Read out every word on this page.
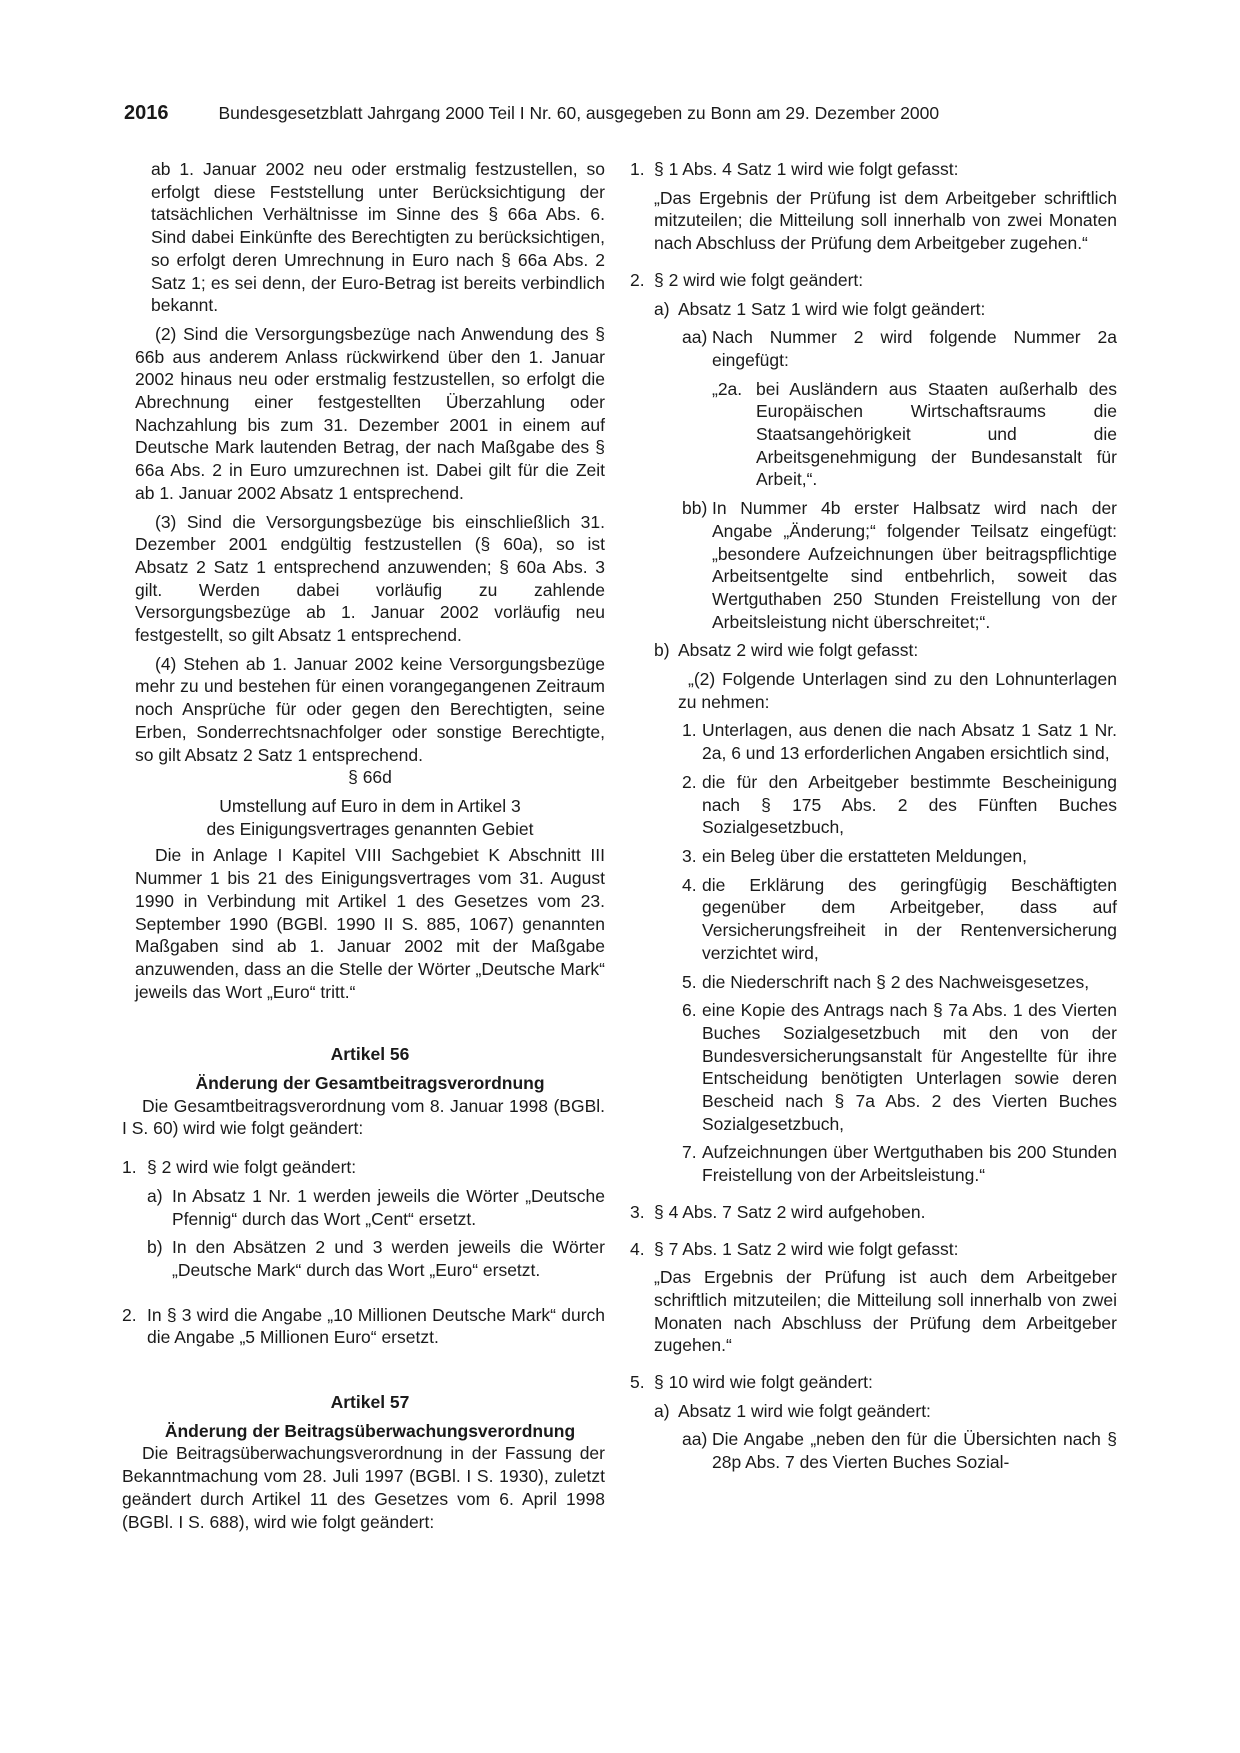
2016	Bundesgesetzblatt Jahrgang 2000 Teil I Nr. 60, ausgegeben zu Bonn am 29. Dezember 2000

ab 1. Januar 2002 neu oder erstmalig festzustellen, so erfolgt diese Feststellung unter Berücksichtigung der tatsächlichen Verhältnisse im Sinne des § 66a Abs. 6. Sind dabei Einkünfte des Berechtigten zu berücksichtigen, so erfolgt deren Umrechnung in Euro nach § 66a Abs. 2 Satz 1; es sei denn, der Euro-Betrag ist bereits verbindlich bekannt.

(2) Sind die Versorgungsbezüge nach Anwendung des § 66b aus anderem Anlass rückwirkend über den 1. Januar 2002 hinaus neu oder erstmalig festzustellen, so erfolgt die Abrechnung einer festgestellten Überzahlung oder Nachzahlung bis zum 31. Dezember 2001 in einem auf Deutsche Mark lautenden Betrag, der nach Maßgabe des § 66a Abs. 2 in Euro umzurechnen ist. Dabei gilt für die Zeit ab 1. Januar 2002 Absatz 1 entsprechend.

(3) Sind die Versorgungsbezüge bis einschließlich 31. Dezember 2001 endgültig festzustellen (§ 60a), so ist Absatz 2 Satz 1 entsprechend anzuwenden; § 60a Abs. 3 gilt. Werden dabei vorläufig zu zahlende Versorgungsbezüge ab 1. Januar 2002 vorläufig neu festgestellt, so gilt Absatz 1 entsprechend.

(4) Stehen ab 1. Januar 2002 keine Versorgungsbezüge mehr zu und bestehen für einen vorangegangenen Zeitraum noch Ansprüche für oder gegen den Berechtigten, seine Erben, Sonderrechtsnachfolger oder sonstige Berechtigte, so gilt Absatz 2 Satz 1 entsprechend.

§ 66d

Umstellung auf Euro in dem in Artikel 3
des Einigungsvertrages genannten Gebiet

Die in Anlage I Kapitel VIII Sachgebiet K Abschnitt III Nummer 1 bis 21 des Einigungsvertrages vom 31. August 1990 in Verbindung mit Artikel 1 des Gesetzes vom 23. September 1990 (BGBl. 1990 II S. 885, 1067) genannten Maßgaben sind ab 1. Januar 2002 mit der Maßgabe anzuwenden, dass an die Stelle der Wörter „Deutsche Mark“ jeweils das Wort „Euro“ tritt.“

Artikel 56

Änderung der Gesamtbeitragsverordnung

Die Gesamtbeitragsverordnung vom 8. Januar 1998 (BGBl. I S. 60) wird wie folgt geändert:

1. § 2 wird wie folgt geändert:
a) In Absatz 1 Nr. 1 werden jeweils die Wörter „Deutsche Pfennig“ durch das Wort „Cent“ ersetzt.
b) In den Absätzen 2 und 3 werden jeweils die Wörter „Deutsche Mark“ durch das Wort „Euro“ ersetzt.
2. In § 3 wird die Angabe „10 Millionen Deutsche Mark“ durch die Angabe „5 Millionen Euro“ ersetzt.

Artikel 57

Änderung der Beitragsüberwachungsverordnung

Die Beitragsüberwachungsverordnung in der Fassung der Bekanntmachung vom 28. Juli 1997 (BGBl. I S. 1930), zuletzt geändert durch Artikel 11 des Gesetzes vom 6. April 1998 (BGBl. I S. 688), wird wie folgt geändert:

1. § 1 Abs. 4 Satz 1 wird wie folgt gefasst:

„Das Ergebnis der Prüfung ist dem Arbeitgeber schriftlich mitzuteilen; die Mitteilung soll innerhalb von zwei Monaten nach Abschluss der Prüfung dem Arbeitgeber zugehen.“

2. § 2 wird wie folgt geändert:
a) Absatz 1 Satz 1 wird wie folgt geändert:
aa) Nach Nummer 2 wird folgende Nummer 2a eingefügt:
„2a. bei Ausländern aus Staaten außerhalb des Europäischen Wirtschaftsraums die Staatsangehörigkeit und die Arbeitsgenehmigung der Bundesanstalt für Arbeit,“.
bb) In Nummer 4b erster Halbsatz wird nach der Angabe „Änderung;“ folgender Teilsatz eingefügt: „besondere Aufzeichnungen über beitragspflichtige Arbeitsentgelte sind entbehrlich, soweit das Wertguthaben 250 Stunden Freistellung von der Arbeitsleistung nicht überschreitet;“.
b) Absatz 2 wird wie folgt gefasst:

„(2) Folgende Unterlagen sind zu den Lohnunterlagen zu nehmen:

1. Unterlagen, aus denen die nach Absatz 1 Satz 1 Nr. 2a, 6 und 13 erforderlichen Angaben ersichtlich sind,
2. die für den Arbeitgeber bestimmte Bescheinigung nach § 175 Abs. 2 des Fünften Buches Sozialgesetzbuch,
3. ein Beleg über die erstatteten Meldungen,
4. die Erklärung des geringfügig Beschäftigten gegenüber dem Arbeitgeber, dass auf Versicherungsfreiheit in der Rentenversicherung verzichtet wird,
5. die Niederschrift nach § 2 des Nachweisgesetzes,
6. eine Kopie des Antrags nach § 7a Abs. 1 des Vierten Buches Sozialgesetzbuch mit den von der Bundesversicherungsanstalt für Angestellte für ihre Entscheidung benötigten Unterlagen sowie deren Bescheid nach § 7a Abs. 2 des Vierten Buches Sozialgesetzbuch,
7. Aufzeichnungen über Wertguthaben bis 200 Stunden Freistellung von der Arbeitsleistung.“
3. § 4 Abs. 7 Satz 2 wird aufgehoben.
4. § 7 Abs. 1 Satz 2 wird wie folgt gefasst:

„Das Ergebnis der Prüfung ist auch dem Arbeitgeber schriftlich mitzuteilen; die Mitteilung soll innerhalb von zwei Monaten nach Abschluss der Prüfung dem Arbeitgeber zugehen.“

5. § 10 wird wie folgt geändert:
a) Absatz 1 wird wie folgt geändert:
aa) Die Angabe „neben den für die Übersichten nach § 28p Abs. 7 des Vierten Buches Sozial-
